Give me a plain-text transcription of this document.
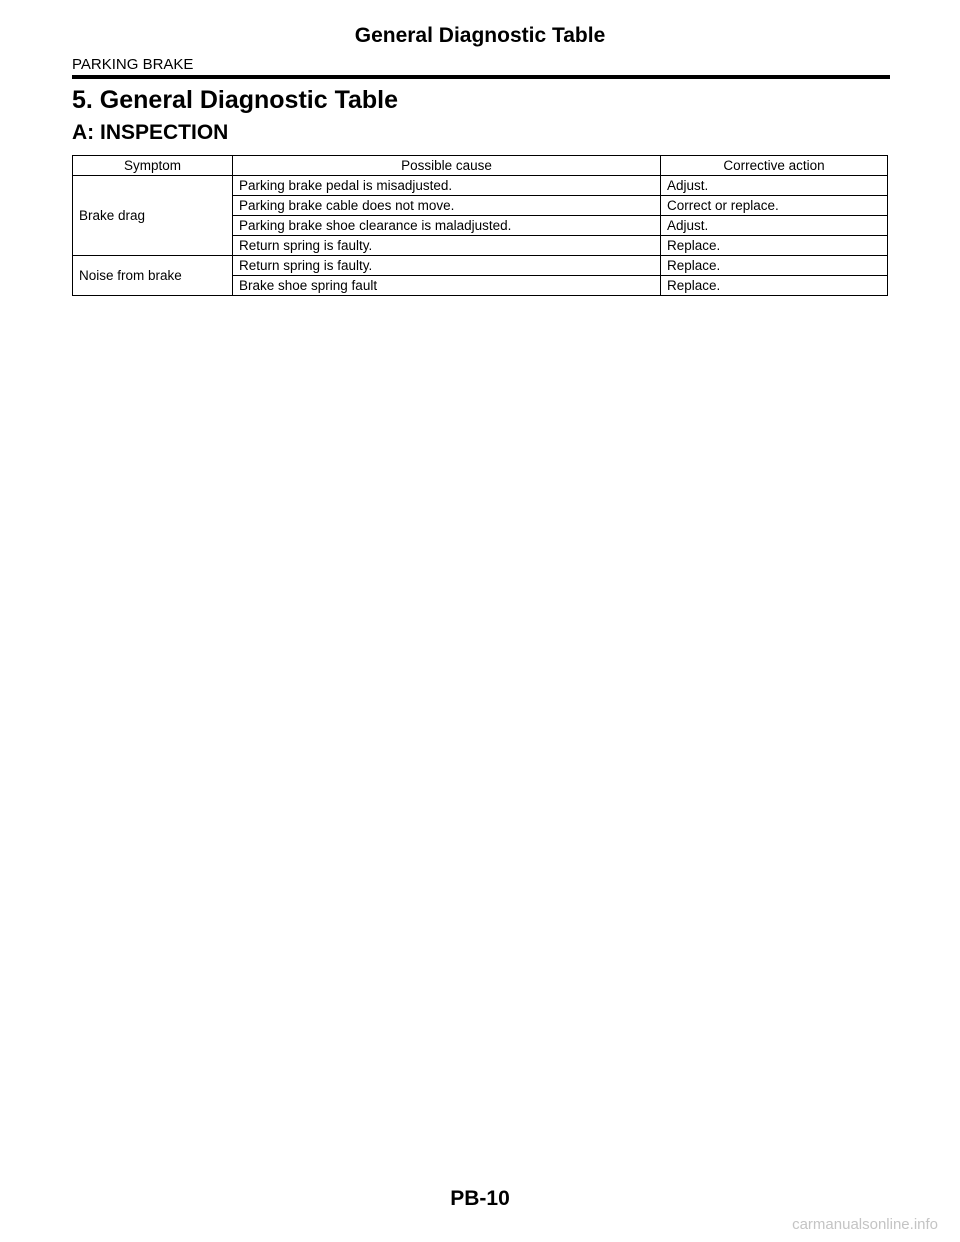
General Diagnostic Table
PARKING BRAKE
5. General Diagnostic Table
A: INSPECTION
Symptom	Possible cause	Corrective action
Brake drag	Parking brake pedal is misadjusted.	Adjust.
	Parking brake cable does not move.	Correct or replace.
	Parking brake shoe clearance is maladjusted.	Adjust.
	Return spring is faulty.	Replace.
Noise from brake	Return spring is faulty.	Replace.
	Brake shoe spring fault	Replace.
PB-10
carmanualsonline.info
